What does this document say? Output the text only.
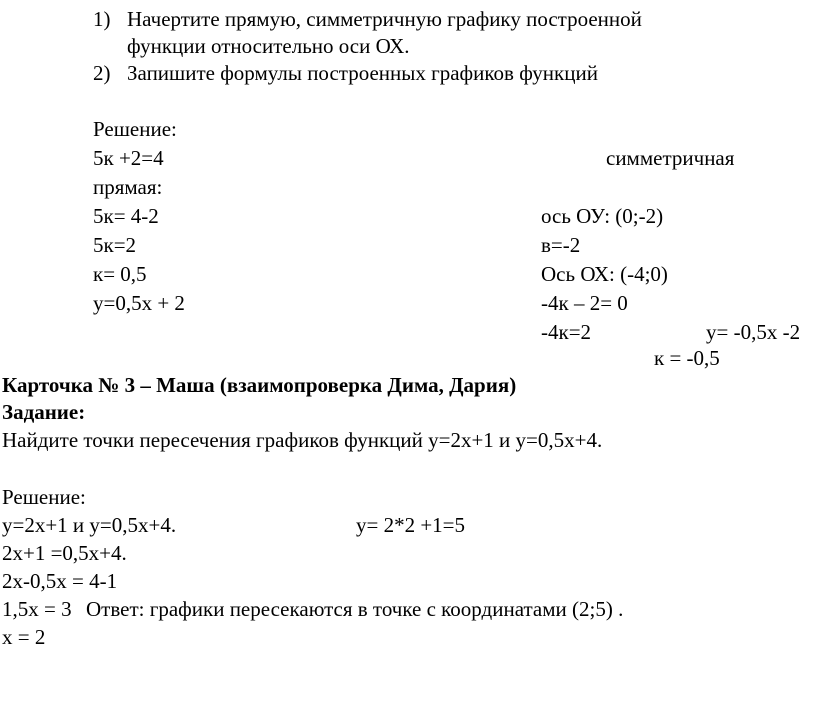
1) Начертите прямую, симметричную графику построенной
функции относительно оси ОХ.
2) Запишите формулы построенных графиков функций
Решение:
5к +2=4	симметричная
прямая:
5к= 4-2	ось ОУ: (0;-2)
5к=2	в=-2
к= 0,5	Ось ОХ: (-4;0)
у=0,5х + 2	-4к – 2= 0
-4к=2	у= -0,5х -2
к = -0,5
Карточка № 3 – Маша (взаимопроверка Дима, Дария)
Задание:
Найдите точки пересечения графиков функций у=2х+1 и у=0,5х+4.
Решение:
у=2х+1 и у=0,5х+4.	у= 2*2 +1=5
2х+1 =0,5х+4.
2х-0,5х = 4-1
1,5х = 3 Ответ: графики пересекаются в точке с координатами (2;5) .
х = 2
